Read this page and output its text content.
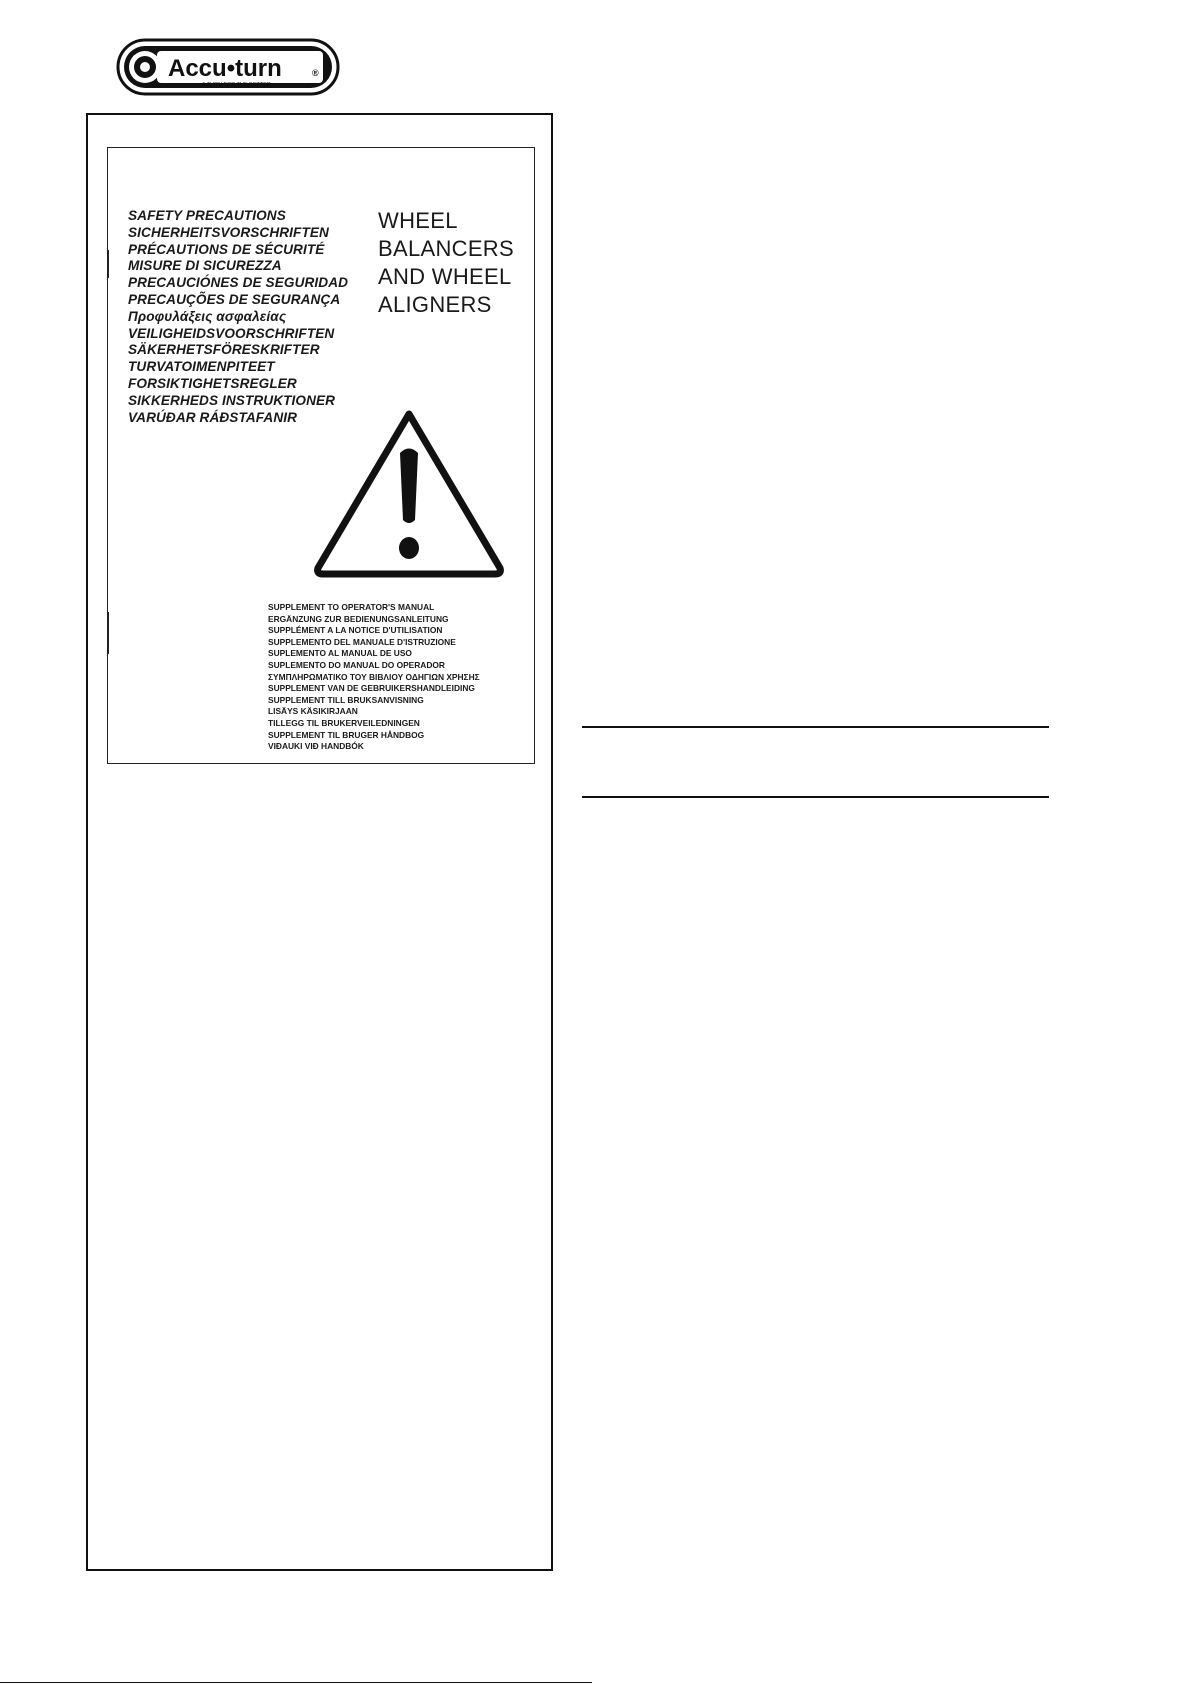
Accu•turn	®
A TURN FOR THE BETTER
SAFETY PRECAUTIONS
SICHERHEITSVORSCHRIFTEN
PRÉCAUTIONS DE SÉCURITÉ
MISURE DI SICUREZZA
PRECAUCIÓNES DE SEGURIDAD
PRECAUÇÕES DE SEGURANÇA
Προφυλάξεις ασφαλείας
VEILIGHEIDSVOORSCHRIFTEN
SÄKERHETSFÖRESKRIFTER
TURVATOIMENPITEET
FORSIKTIGHETSREGLER
SIKKERHEDS INSTRUKTIONER
VARÚÐAR RÁÐSTAFANIR
WHEEL
BALANCERS
AND WHEEL
ALIGNERS
SUPPLEMENT TO OPERATOR'S MANUAL
ERGÄNZUNG ZUR BEDIENUNGSANLEITUNG
SUPPLÉMENT A LA NOTICE D'UTILISATION
SUPPLEMENTO DEL MANUALE D'ISTRUZIONE
SUPLEMENTO AL MANUAL DE USO
SUPLEMENTO DO MANUAL DO OPERADOR
ΣΥΜΠΛΗΡΩΜΑΤΙΚΟ ΤΟΥ ΒΙΒΛΙΟΥ ΟΔΗΓΙΩΝ ΧΡΗΣΗΣ
SUPPLEMENT VAN DE GEBRUIKERSHANDLEIDING
SUPPLEMENT TILL BRUKSANVISNING
LISÄYS KÄSIKIRJAAN
TILLEGG TIL BRUKERVEILEDNINGEN
SUPPLEMENT TIL BRUGER HÅNDBOG
VIÐAUKI VIÐ HANDBÓK
